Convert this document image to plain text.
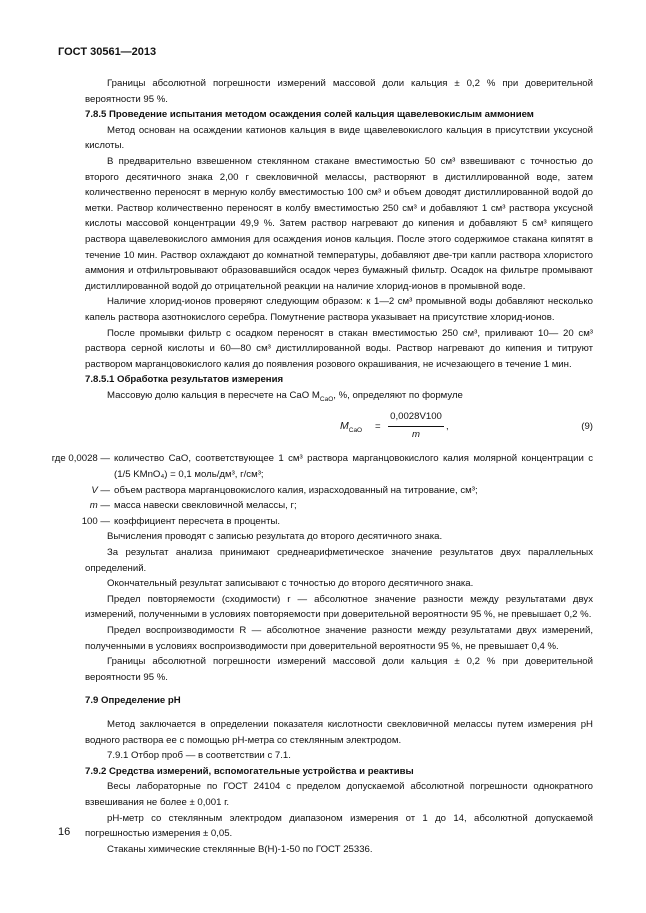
ГОСТ 30561—2013

Границы абсолютной погрешности измерений массовой доли кальция ± 0,2 % при доверительной вероятности 95 %.

7.8.5 Проведение испытания методом осаждения солей кальция щавелевокислым аммонием

Метод основан на осаждении катионов кальция в виде щавелевокислого кальция в присутствии уксусной кислоты.

В предварительно взвешенном стеклянном стакане вместимостью 50 см³ взвешивают с точностью до второго десятичного знака 2,00 г свекловичной мелассы, растворяют в дистиллированной воде, затем количественно переносят в мерную колбу вместимостью 100 см³ и объем доводят дистиллированной водой до метки. Раствор количественно переносят в колбу вместимостью 250 см³ и добавляют 1 см³ раствора уксусной кислоты массовой концентрации 49,9 %. Затем раствор нагревают до кипения и добавляют 5 см³ кипящего раствора щавелевокислого аммония для осаждения ионов кальция. После этого содержимое стакана кипятят в течение 10 мин. Раствор охлаждают до комнатной температуры, добавляют две-три капли раствора хлористого аммония и отфильтровывают образовавшийся осадок через бумажный фильтр. Осадок на фильтре промывают дистиллированной водой до отрицательной реакции на наличие хлорид-ионов в промывной воде.

Наличие хлорид-ионов проверяют следующим образом: к 1—2 см³ промывной воды добавляют несколько капель раствора азотнокислого серебра. Помутнение раствора указывает на присутствие хлорид-ионов.

После промывки фильтр с осадком переносят в стакан вместимостью 250 см³, приливают 10— 20 см³ раствора серной кислоты и 60—80 см³ дистиллированной воды. Раствор нагревают до кипения и титруют раствором марганцовокислого калия до появления розового окрашивания, не исчезающего в течение 1 мин.

7.8.5.1 Обработка результатов измерения

Массовую долю кальция в пересчете на CaO $M_{CaO}$, %, определяют по формуле

$M_{CaO} = \frac{0,0028V100}{m}$ ,	(9)
где 0,0028 — количество CaO, соответствующее 1 см³ раствора марганцовокислого калия молярной концентрации c (1/5 KMnO₄) = 0,1 моль/дм³, г/см³;
V — объем раствора марганцовокислого калия, израсходованный на титрование, см³;
m — масса навески свекловичной мелассы, г;
100 — коэффициент пересчета в проценты.

Вычисления проводят с записью результата до второго десятичного знака.

За результат анализа принимают среднеарифметическое значение результатов двух параллельных определений.

Окончательный результат записывают с точностью до второго десятичного знака.

Предел повторяемости (сходимости) r — абсолютное значение разности между результатами двух измерений, полученными в условиях повторяемости при доверительной вероятности 95 %, не превышает 0,2 %.

Предел воспроизводимости R — абсолютное значение разности между результатами двух измерений, полученными в условиях воспроизводимости при доверительной вероятности 95 %, не превышает 0,4 %.

Границы абсолютной погрешности измерений массовой доли кальция ± 0,2 % при доверительной вероятности 95 %.

7.9 Определение pH

Метод заключается в определении показателя кислотности свекловичной мелассы путем измерения pH водного раствора ее с помощью pH-метра со стеклянным электродом.

7.9.1 Отбор проб — в соответствии с 7.1.

7.9.2 Средства измерений, вспомогательные устройства и реактивы

Весы лабораторные по ГОСТ 24104 с пределом допускаемой абсолютной погрешности однократного взвешивания не более ± 0,001 г.

pH-метр со стеклянным электродом диапазоном измерения от 1 до 14, абсолютной допускаемой погрешностью измерения ± 0,05.

Стаканы химические стеклянные В(Н)-1-50 по ГОСТ 25336.

16
